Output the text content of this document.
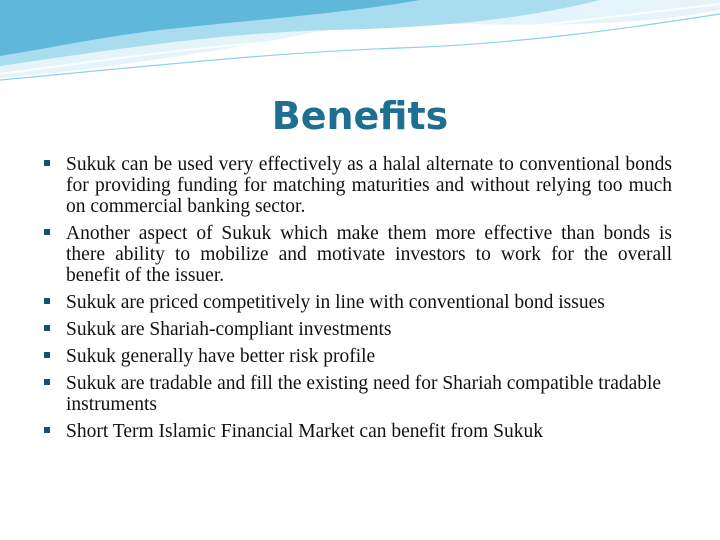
Benefits
Sukuk can be used very effectively as a halal alternate to conventional bonds for providing funding for matching maturities and without relying too much on commercial banking sector.
Another aspect of Sukuk which make them more effective than bonds is there ability to mobilize and motivate investors to work for the overall benefit of the issuer.
Sukuk are priced competitively in line with conventional bond issues
Sukuk are Shariah-compliant investments
Sukuk generally have better risk profile
Sukuk are tradable and fill the existing need for Shariah compatible tradable instruments
Short Term Islamic Financial Market can benefit from Sukuk
